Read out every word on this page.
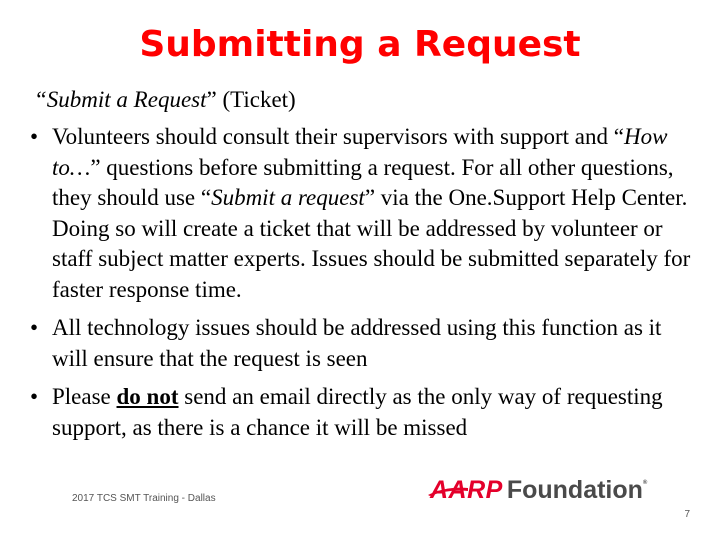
Submitting a Request
“Submit a Request” (Ticket)
• Volunteers should consult their supervisors with support and “How to…” questions before submitting a request. For all other questions, they should use “Submit a request” via the One.Support Help Center. Doing so will create a ticket that will be addressed by volunteer or staff subject matter experts. Issues should be submitted separately for faster response time.
• All technology issues should be addressed using this function as it will ensure that the request is seen
• Please do not send an email directly as the only way of requesting support, as there is a chance it will be missed
2017 TCS SMT Training - Dallas	AARP Foundation®
7
